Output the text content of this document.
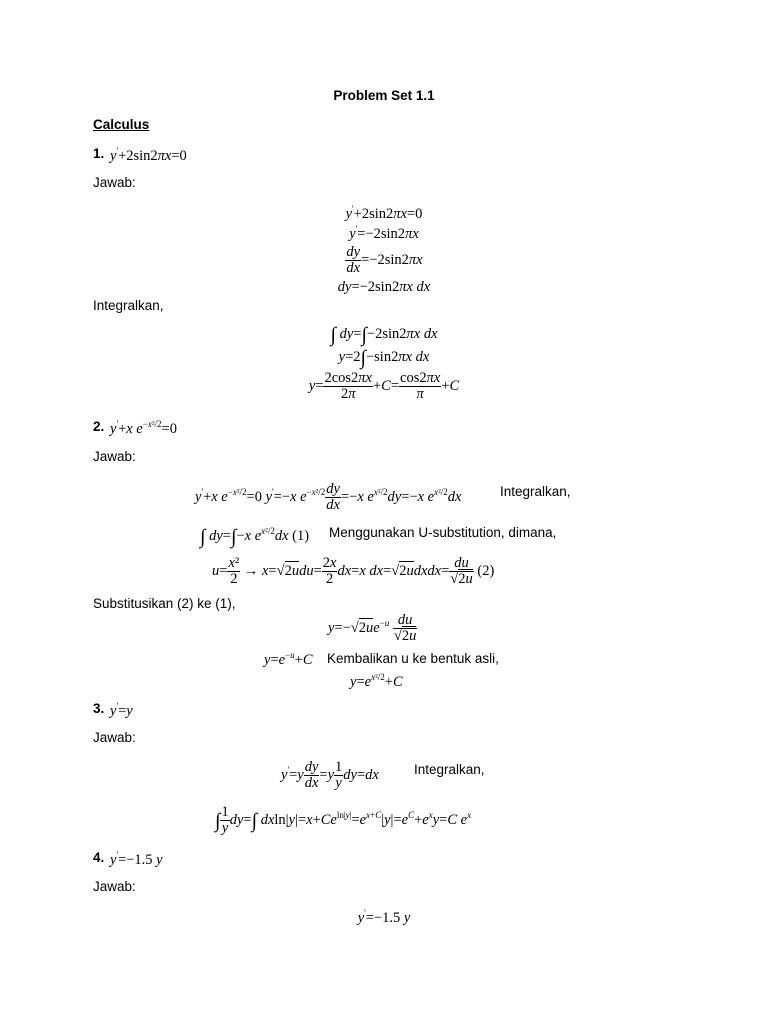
Problem Set 1.1
Calculus
1. y'+2sin2πx=0
Jawab:
y'+2sin2πx=0
y'=−2sin2πx
$\frac{dy}{dx} =-2\sin 2\pi x$
dy=−2sin2πx dx
Integralkan,
∫ dy=∫−2sin2πx dx
y=2∫−sin2πx dx
$y= \frac{2\cos 2\pi x}{2\pi} +C= \frac{\cos 2\pi x}{\pi} +C$
2. y'+x $e^{-x^2/2}=0$
Jawab:
y'+x $e^{-x^2/2}=0$ y'=−x $e^{-x^2/2} \frac{dy}{dx} =-x$ $e^{x^2/2}dy=-x$ $e^{x^2/2}dx$	Integralkan,
∫ dy=∫−x $e^{x^2/2}dx$ (1) Menggunakan U-substitution, dimana,
$u= \frac{\text{x²}}{2} \to x=√2udu= \frac{2x}{2} dx=x$ dx=√2udxdx= $\frac{du}{√2u} (2)$
Substitusikan (2) ke (1),
$y=-√2ue^{-u} \frac{du}{√2u}$
$y=e^{-u}+C$ Kembalikan u ke bentuk asli,
$y=e^{x^2/2}+C$
3. y'=y
Jawab:
$y'=y \frac{dy}{dx} =y \frac{1}{y} dy=dx$	Integralkan,
∫ $\frac{1}{y} dy=\int$ $dxln|y|=x+Ce^{ln|y|}=e^{x+C}|y|=e^C+e^xy=C$ $e^x$
4. y'=−1.5 y
Jawab:
y'=−1.5 y
